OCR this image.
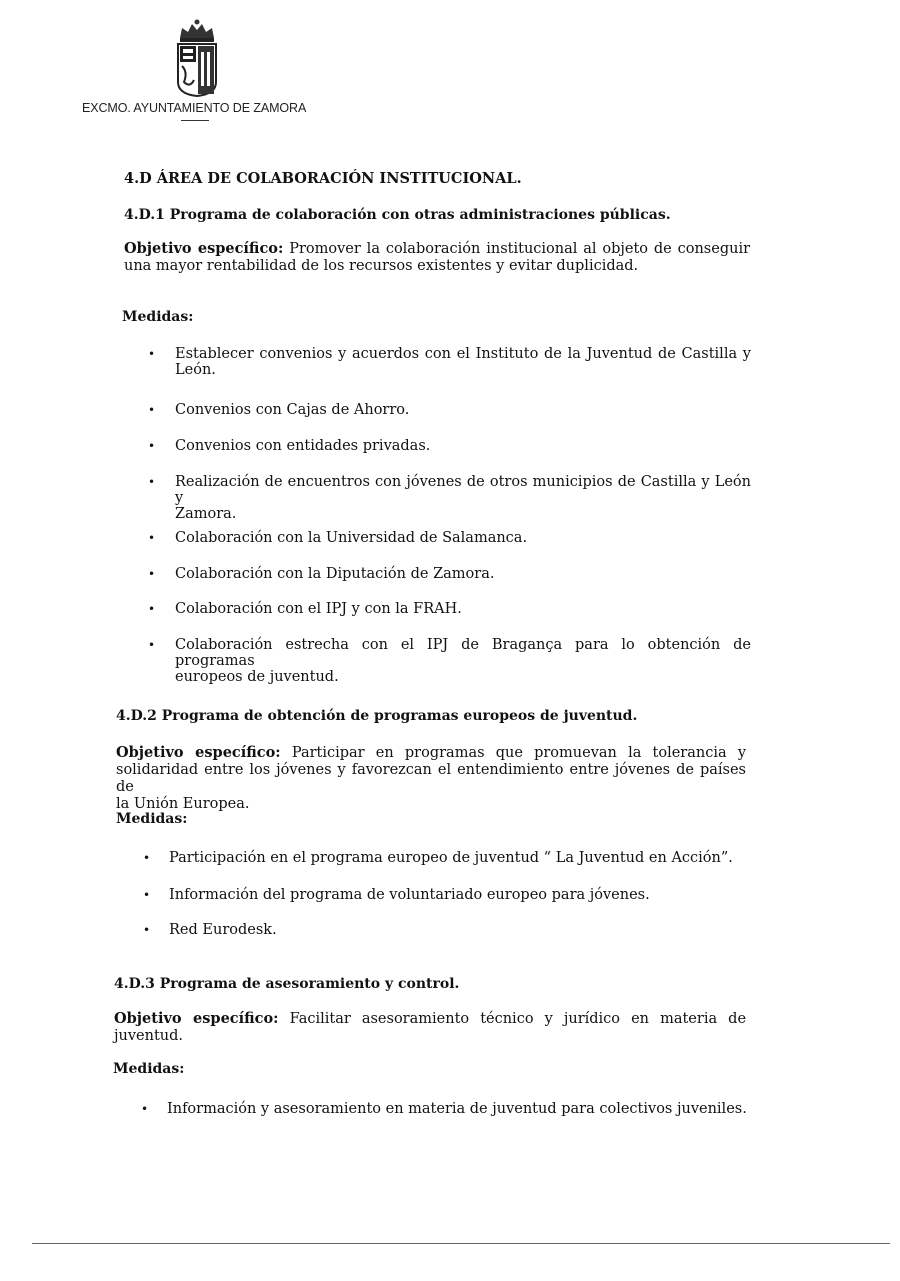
EXCMO. AYUNTAMIENTO DE ZAMORA
4.D ÁREA DE COLABORACIÓN INSTITUCIONAL.
4.D.1 Programa de colaboración con otras administraciones públicas.
Objetivo específico: Promover la colaboración institucional al objeto de conseguir
una mayor rentabilidad de los recursos existentes y evitar duplicidad.
Medidas:
• Establecer convenios y acuerdos con el Instituto de la Juventud de Castilla y
León.
• Convenios con Cajas de Ahorro.
• Convenios con entidades privadas.
• Realización de encuentros con jóvenes de otros municipios de Castilla y León y
Zamora.
• Colaboración con la Universidad de Salamanca.
• Colaboración con la Diputación de Zamora.
• Colaboración con el IPJ y con la FRAH.
• Colaboración estrecha con el IPJ de Bragança para lo obtención de programas
europeos de juventud.
4.D.2 Programa de obtención de programas europeos de juventud.
Objetivo específico: Participar en programas que promuevan la tolerancia y
solidaridad entre los jóvenes y favorezcan el entendimiento entre jóvenes de países de
la Unión Europea.
Medidas:
• Participación en el programa europeo de juventud “ La Juventud en Acción”.
• Información del programa de voluntariado europeo para jóvenes.
• Red Eurodesk.
4.D.3 Programa de asesoramiento y control.
Objetivo específico: Facilitar asesoramiento técnico y jurídico en materia de
juventud.
Medidas:
• Información y asesoramiento en materia de juventud para colectivos juveniles.
